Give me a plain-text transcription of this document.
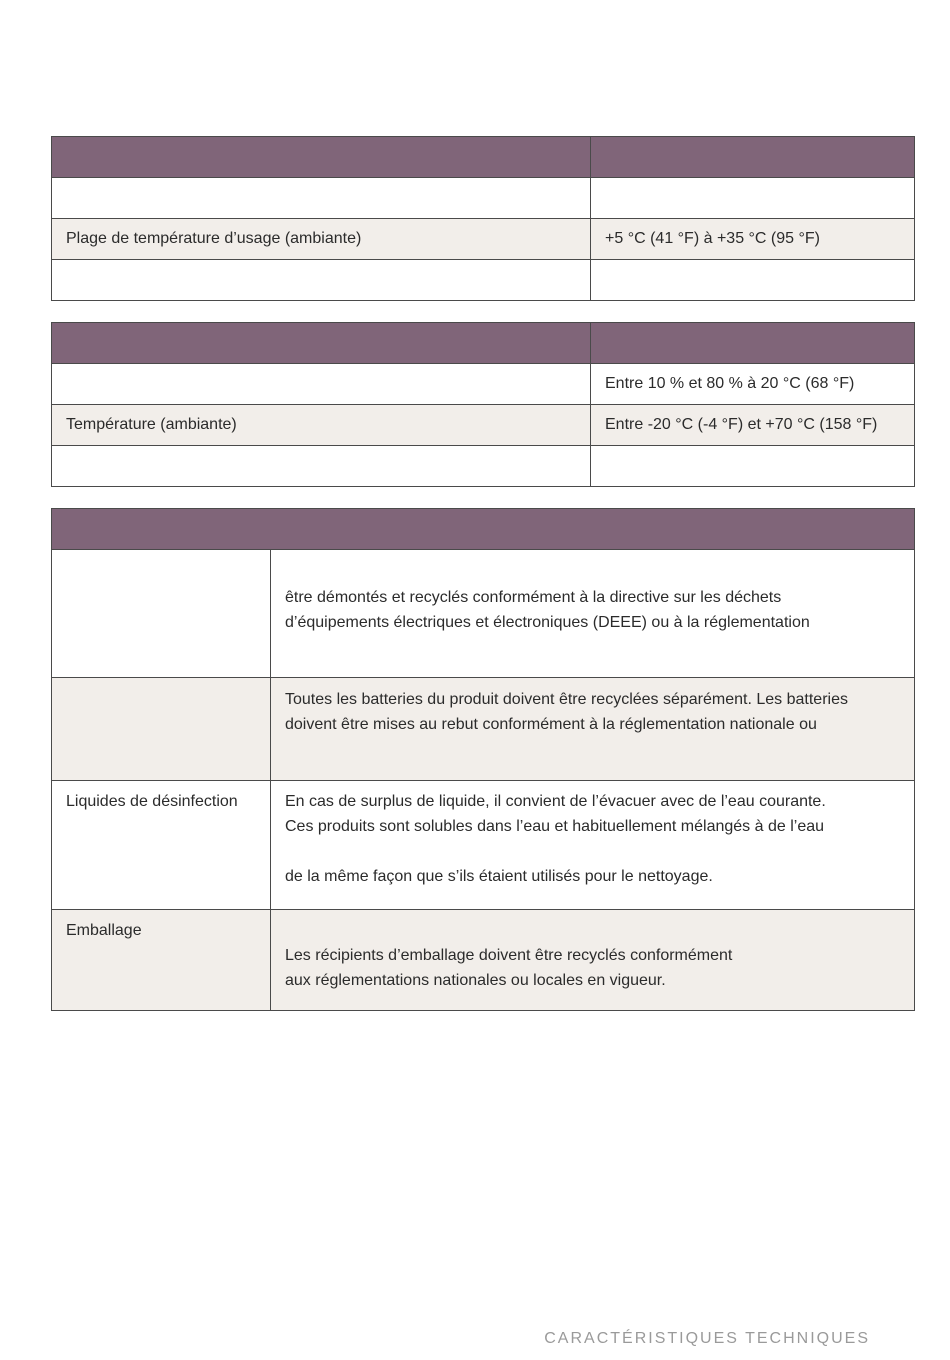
Plage de température d’usage (ambiante)	+5 °C (41 °F) à +35 °C (95 °F)

	Entre 10 % et 80 % à 20 °C (68 °F)
Température (ambiante)	Entre -20 °C (-4 °F) et +70 °C (158 °F)

	être démontés et recyclés conformément à la directive sur les déchets
d’équipements électriques et électroniques (DEEE) ou à la réglementation

	Toutes les batteries du produit doivent être recyclées séparément. Les batteries
doivent être mises au rebut conformément à la réglementation nationale ou

Liquides de désinfection	En cas de surplus de liquide, il convient de l’évacuer avec de l’eau courante.
Ces produits sont solubles dans l’eau et habituellement mélangés à de l’eau
de la même façon que s’ils étaient utilisés pour le nettoyage.

Emballage	Les récipients d’emballage doivent être recyclés conformément
aux réglementations nationales ou locales en vigueur.
CARACTÉRISTIQUES TECHNIQUES
